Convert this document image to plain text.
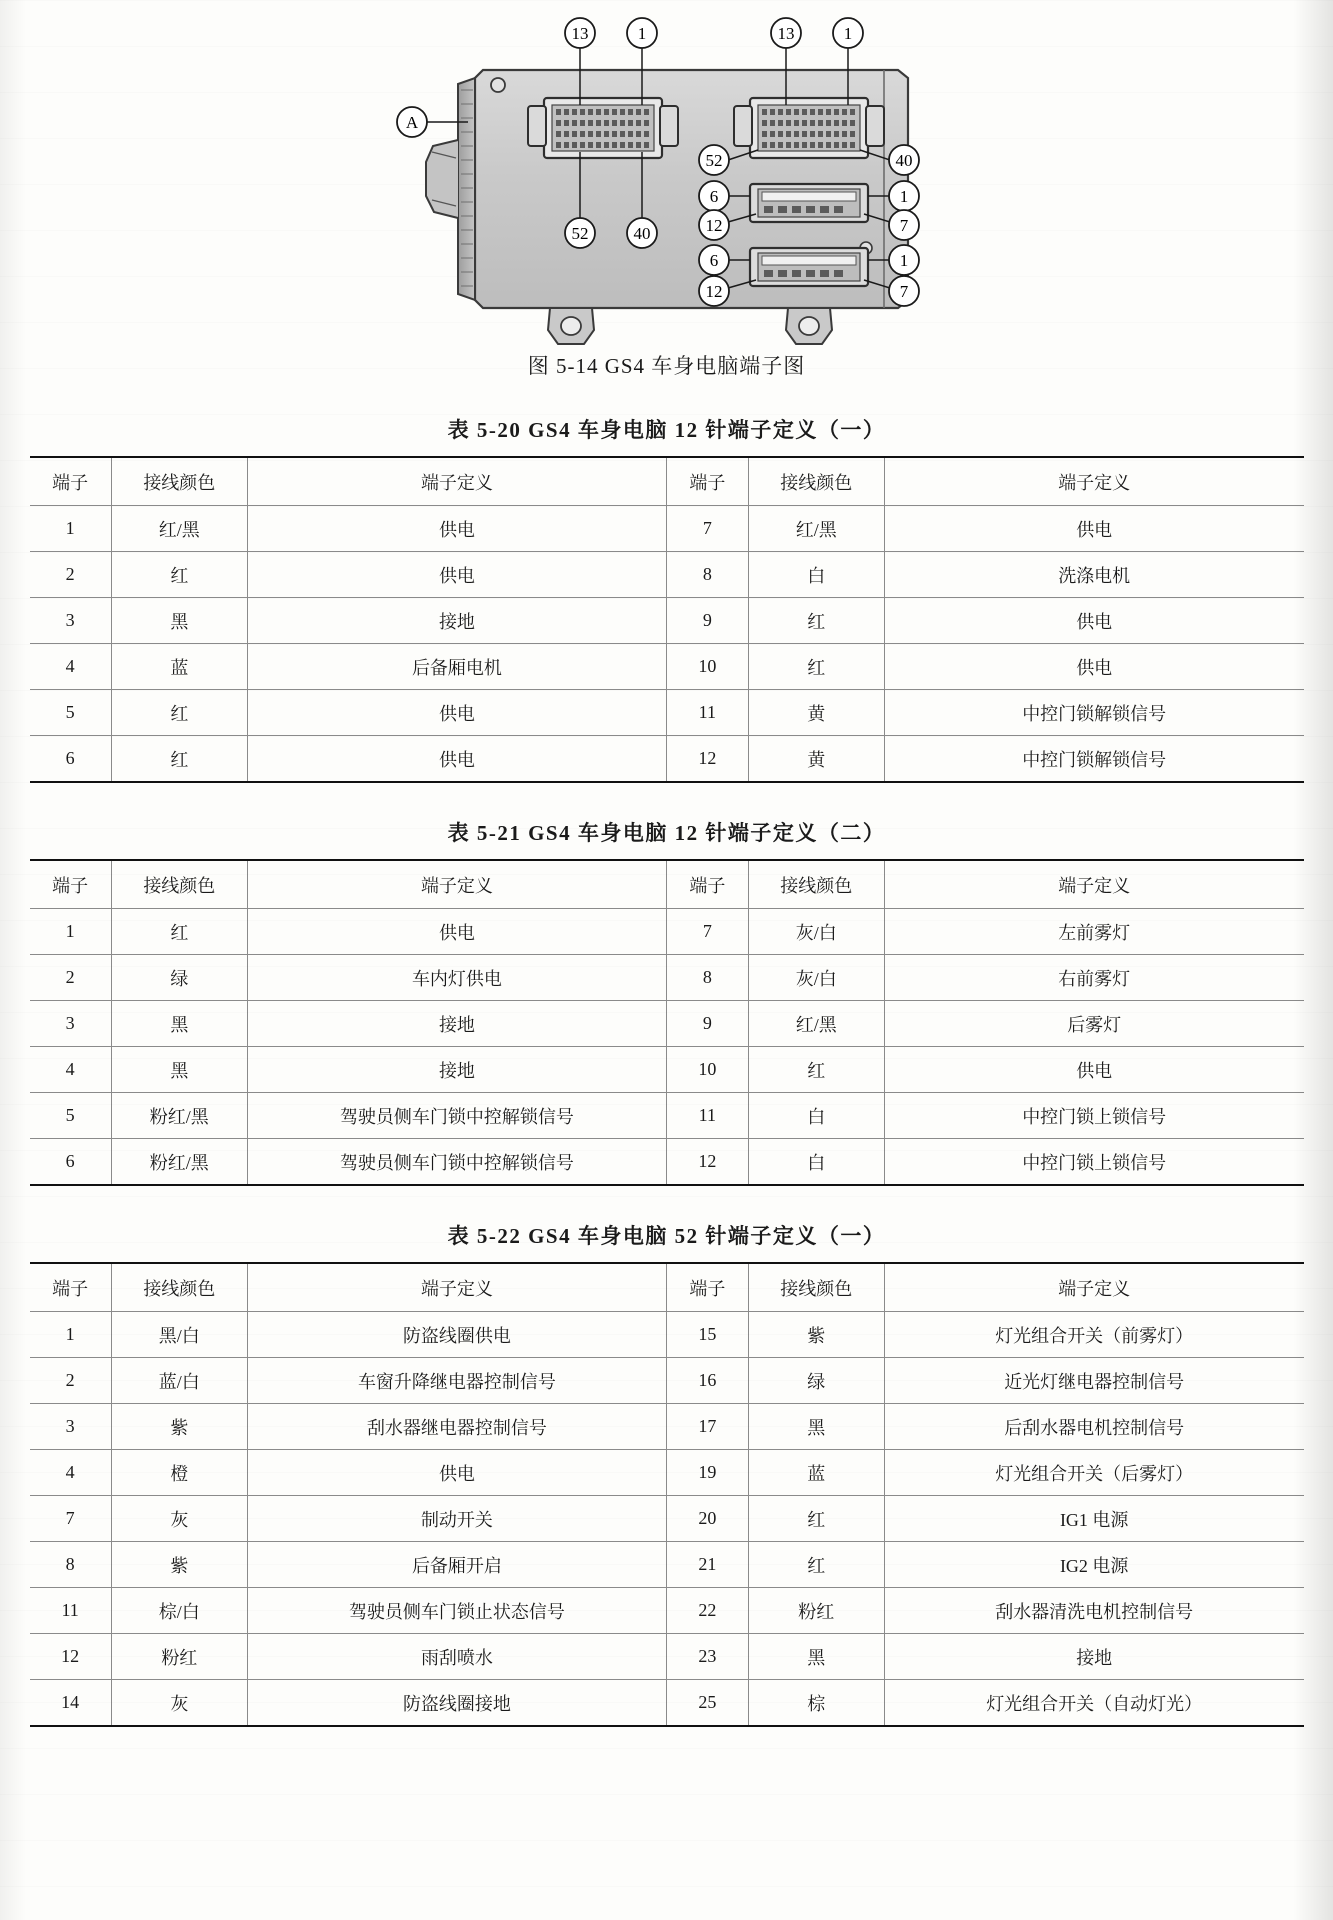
A
13	1	13	1
52	40
52	40
6	1
12	7
6	1
12	7
图 5-14 GS4 车身电脑端子图
表 5-20 GS4 车身电脑 12 针端子定义（一）
端子	接线颜色	端子定义	端子	接线颜色	端子定义
1	红/黑	供电	7	红/黑	供电
2	红	供电	8	白	洗涤电机
3	黑	接地	9	红	供电
4	蓝	后备厢电机	10	红	供电
5	红	供电	11	黄	中控门锁解锁信号
6	红	供电	12	黄	中控门锁解锁信号
表 5-21 GS4 车身电脑 12 针端子定义（二）
端子	接线颜色	端子定义	端子	接线颜色	端子定义
1	红	供电	7	灰/白	左前雾灯
2	绿	车内灯供电	8	灰/白	右前雾灯
3	黑	接地	9	红/黑	后雾灯
4	黑	接地	10	红	供电
5	粉红/黑	驾驶员侧车门锁中控解锁信号	11	白	中控门锁上锁信号
6	粉红/黑	驾驶员侧车门锁中控解锁信号	12	白	中控门锁上锁信号
表 5-22 GS4 车身电脑 52 针端子定义（一）
端子	接线颜色	端子定义	端子	接线颜色	端子定义
1	黑/白	防盗线圈供电	15	紫	灯光组合开关（前雾灯）
2	蓝/白	车窗升降继电器控制信号	16	绿	近光灯继电器控制信号
3	紫	刮水器继电器控制信号	17	黑	后刮水器电机控制信号
4	橙	供电	19	蓝	灯光组合开关（后雾灯）
7	灰	制动开关	20	红	IG1 电源
8	紫	后备厢开启	21	红	IG2 电源
11	棕/白	驾驶员侧车门锁止状态信号	22	粉红	刮水器清洗电机控制信号
12	粉红	雨刮喷水	23	黑	接地
14	灰	防盗线圈接地	25	棕	灯光组合开关（自动灯光）
